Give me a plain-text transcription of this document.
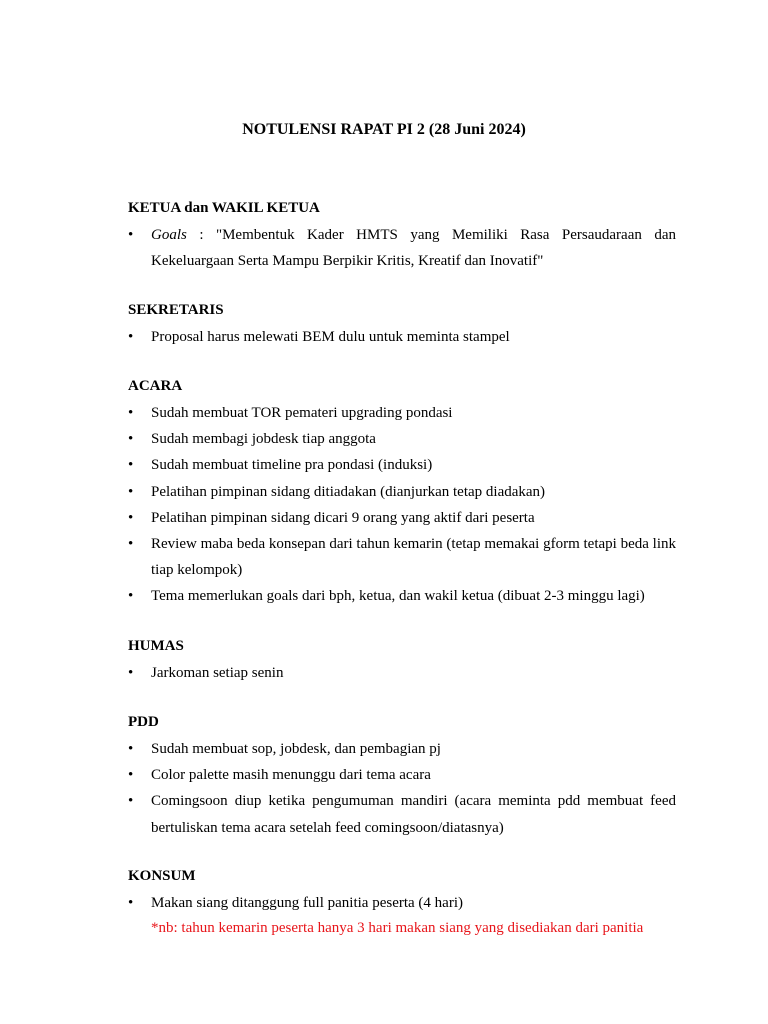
NOTULENSI RAPAT PI 2 (28 Juni 2024)
KETUA dan WAKIL KETUA
•	Goals : "Membentuk Kader HMTS yang Memiliki Rasa Persaudaraan dan Kekeluargaan Serta Mampu Berpikir Kritis, Kreatif dan Inovatif"
SEKRETARIS
•	Proposal harus melewati BEM dulu untuk meminta stampel
ACARA
•	Sudah membuat TOR pemateri upgrading pondasi
•	Sudah membagi jobdesk tiap anggota
•	Sudah membuat timeline pra pondasi (induksi)
•	Pelatihan pimpinan sidang ditiadakan (dianjurkan tetap diadakan)
•	Pelatihan pimpinan sidang dicari 9 orang yang aktif dari peserta
•	Review maba beda konsepan dari tahun kemarin (tetap memakai gform tetapi beda link tiap kelompok)
•	Tema memerlukan goals dari bph, ketua, dan wakil ketua (dibuat 2-3 minggu lagi)
HUMAS
•	Jarkoman setiap senin
PDD
•	Sudah membuat sop, jobdesk, dan pembagian pj
•	Color palette masih menunggu dari tema acara
•	Comingsoon diup ketika pengumuman mandiri (acara meminta pdd membuat feed bertuliskan tema acara setelah feed comingsoon/diatasnya)
KONSUM
•	Makan siang ditanggung full panitia peserta (4 hari)

*nb: tahun kemarin peserta hanya 3 hari makan siang yang disediakan dari panitia
